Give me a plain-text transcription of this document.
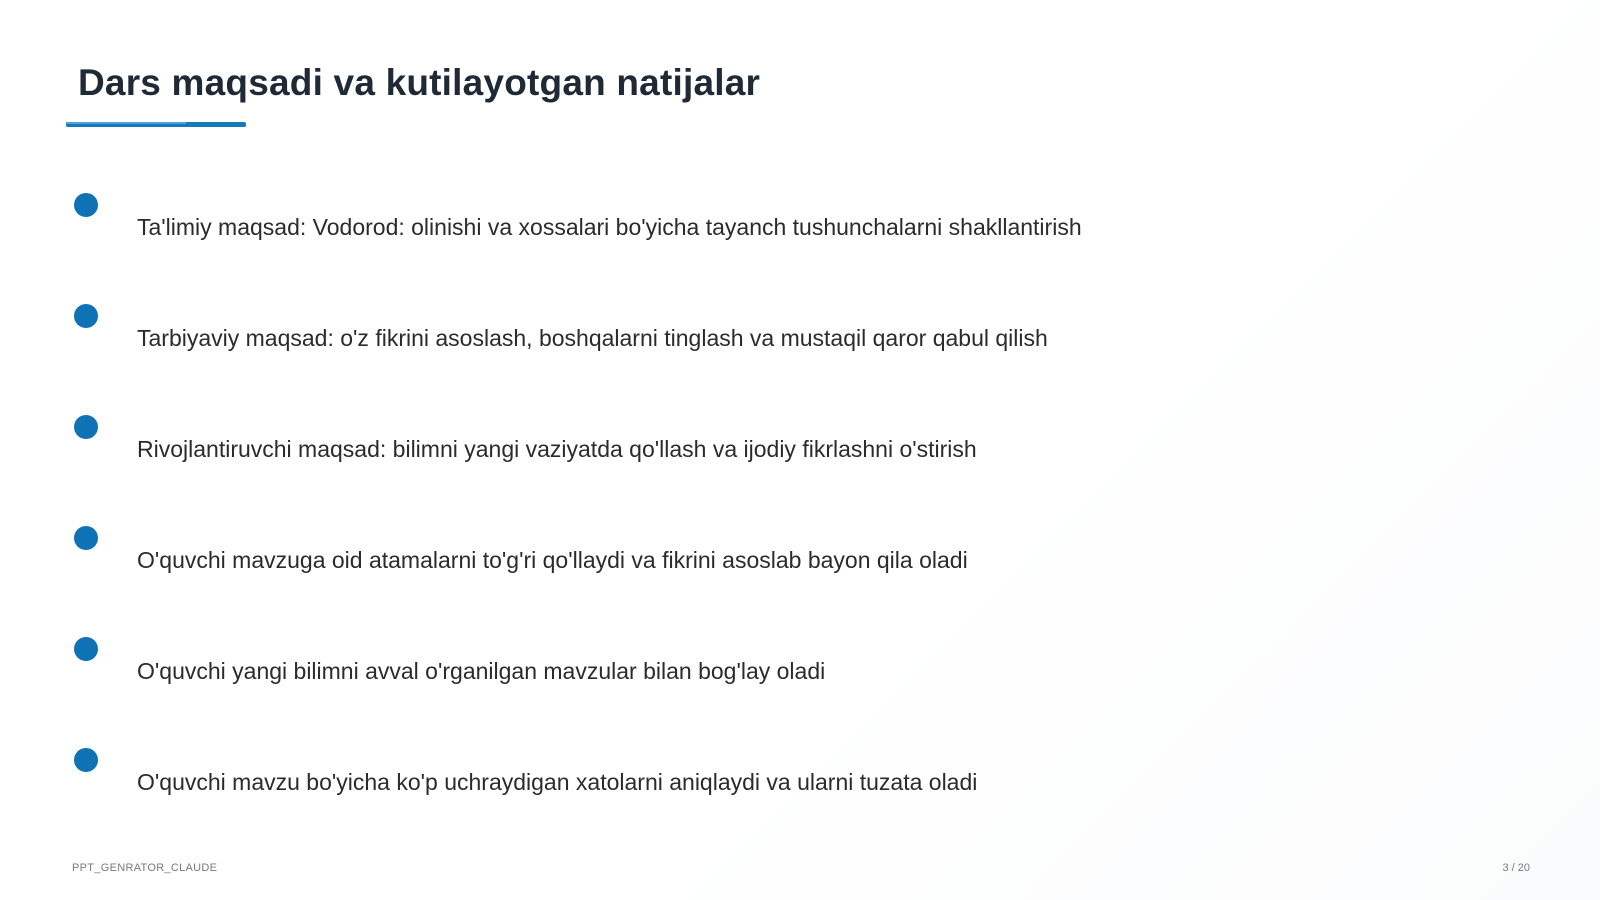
Dars maqsadi va kutilayotgan natijalar
Ta'limiy maqsad: Vodorod: olinishi va xossalari bo'yicha tayanch tushunchalarni shakllantirish
Tarbiyaviy maqsad: o'z fikrini asoslash, boshqalarni tinglash va mustaqil qaror qabul qilish
Rivojlantiruvchi maqsad: bilimni yangi vaziyatda qo'llash va ijodiy fikrlashni o'stirish
O'quvchi mavzuga oid atamalarni to'g'ri qo'llaydi va fikrini asoslab bayon qila oladi
O'quvchi yangi bilimni avval o'rganilgan mavzular bilan bog'lay oladi
O'quvchi mavzu bo'yicha ko'p uchraydigan xatolarni aniqlaydi va ularni tuzata oladi
PPT_GENRATOR_CLAUDE	3 / 20
